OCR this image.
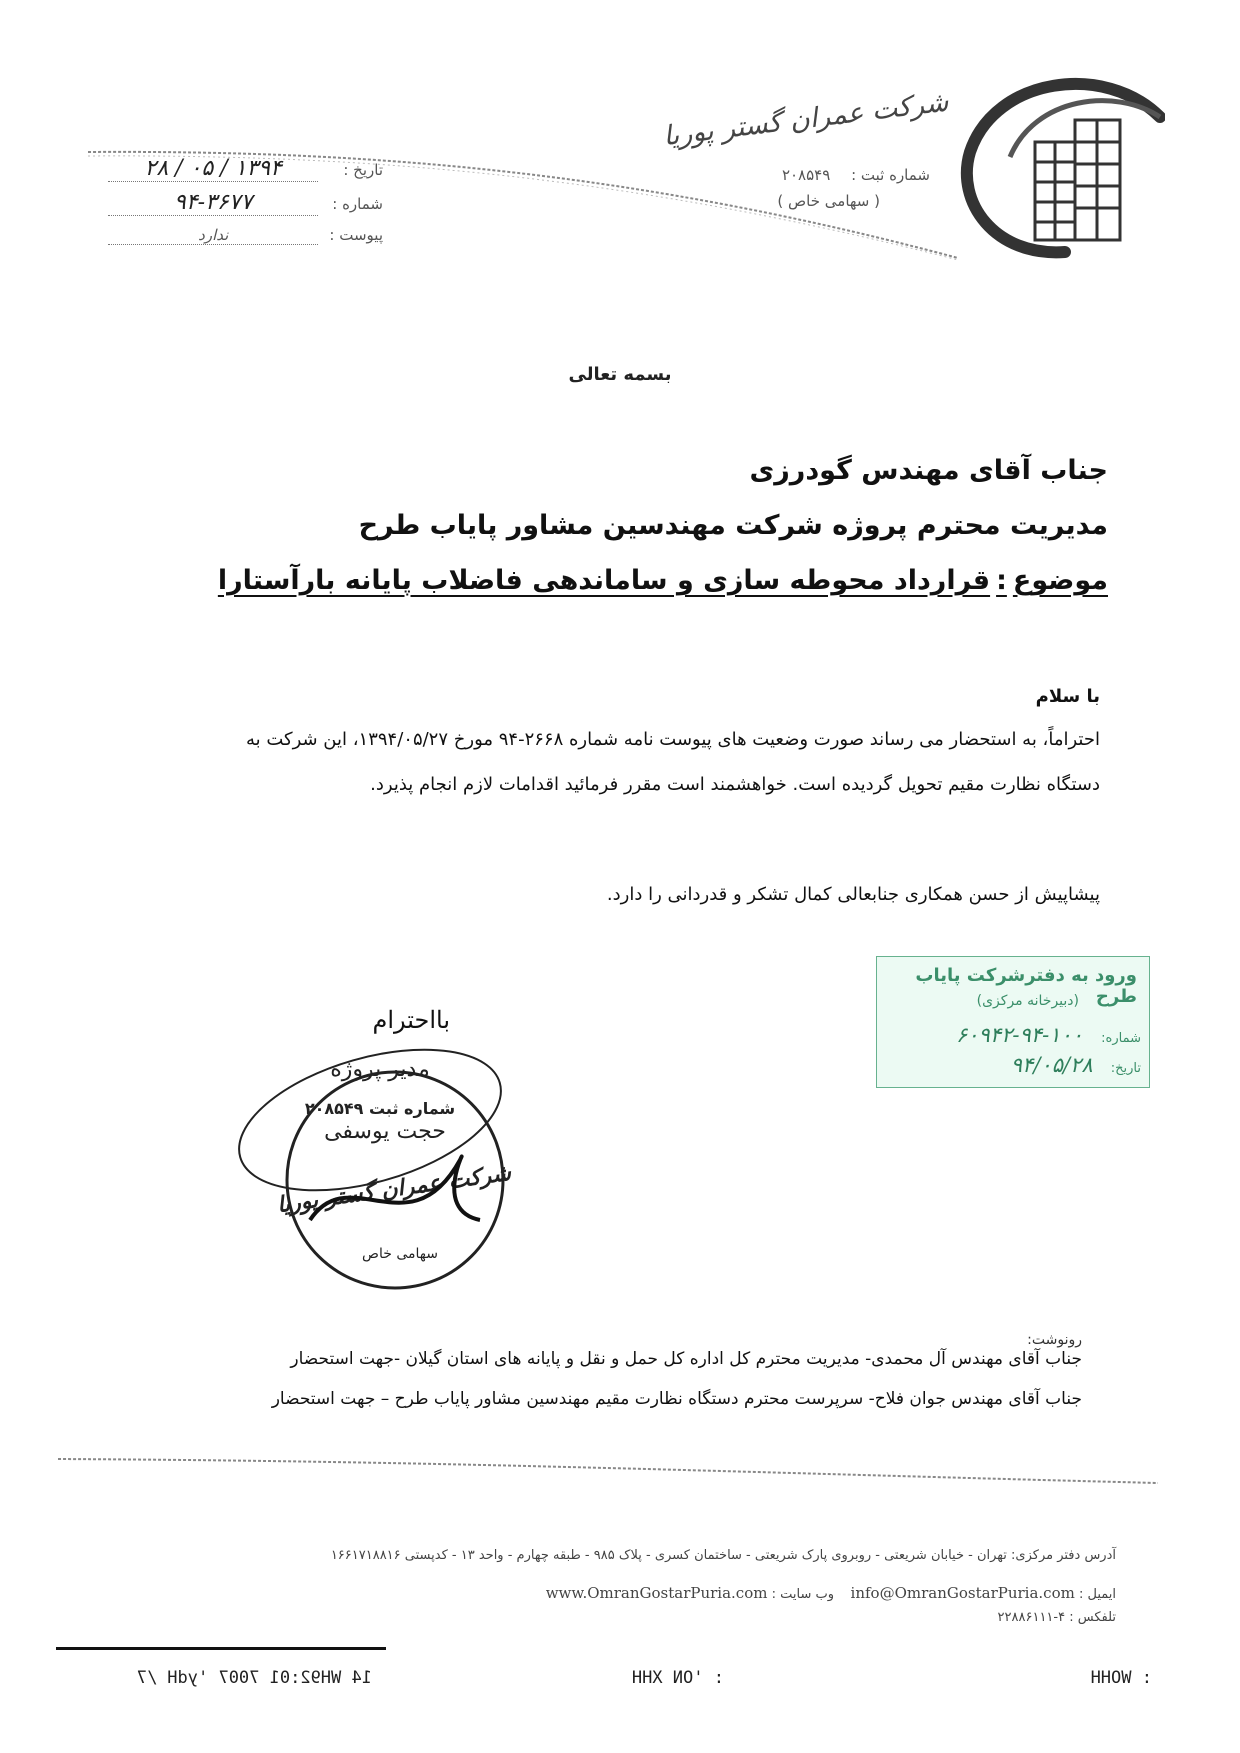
شرکت عمران گستر پوریا
شماره ثبت : ۲۰۸۵۴۹
( سهامی خاص )
تاریخ : ۱۳۹۴ / ۰۵ / ۲۸
شماره : ۹۴-۳۶۷۷
پیوست : ندارد
بسمه تعالی
جناب آقای مهندس گودرزی
مدیریت محترم پروژه شرکت مهندسین مشاور پایاب طرح
موضوع:قرارداد محوطه سازی و ساماندهی فاضلاب پایانه بارآستارا
با سلام
احتراماً، به استحضار می رساند صورت وضعیت های پیوست نامه شماره ۲۶۶۸-۹۴ مورخ ۱۳۹۴/۰۵/۲۷، این شرکت به دستگاه نظارت مقیم تحویل گردیده است. خواهشمند است مقرر فرمائید اقدامات لازم انجام پذیرد.
پیشاپیش از حسن همکاری جنابعالی کمال تشکر و قدردانی را دارد.
ورود به دفترشرکت پایاب طرح
(دبیرخانه مرکزی)
شماره: ۱۰۰-۹۴-۶۰۹۴۲
تاریخ: ۹۴/۰۵/۲۸
بااحترام
مدیر پروژه
شماره ثبت ۲۰۸۵۴۹
حجت یوسفی
شرکت عمران گستر پوریا
سهامی خاص
رونوشت:
جناب آقای مهندس آل محمدی- مدیریت محترم کل اداره کل حمل و نقل و پایانه های استان گیلان -جهت استحضار
جناب آقای مهندس جوان فلاح- سرپرست محترم دستگاه نظارت مقیم مهندسین مشاور پایاب طرح – جهت استحضار
آدرس دفتر مرکزی: تهران - خیابان شریعتی - روبروی پارک شریعتی - ساختمان کسری - پلاک ۹۸۵ - طبقه چهارم - واحد ۱۳ - کدپستی ۱۶۶۱۷۱۸۸۱۶
ایمیل : info@OmranGostarPuria.com    وب سایت : www.OmranGostarPuria.com
تلفکس : ۴-۲۲۸۸۶۱۱۱
14 WH92:01 7007 'ydH /7	: 'ON XHH	: WOHH
